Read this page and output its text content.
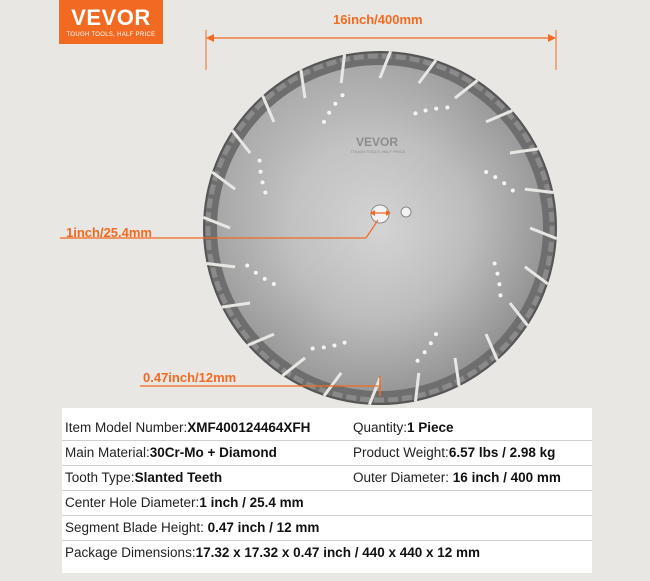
VEVOR
TOUGH TOOLS, HALF PRICE
VEVOR
TOUGH TOOLS, HALF PRICE
16inch/400mm
1inch/25.4mm
0.47inch/12mm
Item Model Number:XMF400124464XFH	Quantity:1 Piece
Main Material:30Cr-Mo + Diamond	Product Weight:6.57 lbs / 2.98 kg
Tooth Type:Slanted Teeth	Outer Diameter: 16 inch / 400 mm
Center Hole Diameter:1 inch / 25.4 mm
Segment Blade Height: 0.47 inch / 12 mm
Package Dimensions:17.32 x 17.32 x 0.47 inch / 440 x 440 x 12 mm
